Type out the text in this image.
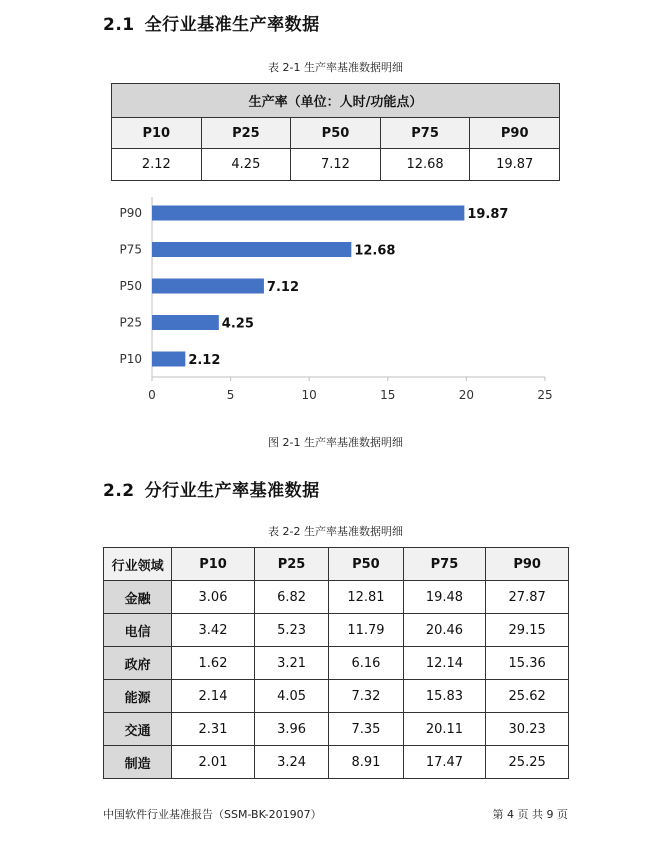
2.1 全行业基准生产率数据
表 2-1 生产率基准数据明细
生产率（单位：人时/功能点）				
P10	P25	P50	P75	P90
2.12	4.25	7.12	12.68	19.87
P90	19.87
P75	12.68
P50	7.12
P25	4.25
P10	2.12
0	5	10	15	20	25
图 2-1 生产率基准数据明细
2.2 分行业生产率基准数据
表 2-2 生产率基准数据明细
行业领域	P10	P25	P50	P75	P90
金融	3.06	6.82	12.81	19.48	27.87
电信	3.42	5.23	11.79	20.46	29.15
政府	1.62	3.21	6.16	12.14	15.36
能源	2.14	4.05	7.32	15.83	25.62
交通	2.31	3.96	7.35	20.11	30.23
制造	2.01	3.24	8.91	17.47	25.25
中国软件行业基准报告（SSM-BK-201907）	第 4 页 共 9 页
